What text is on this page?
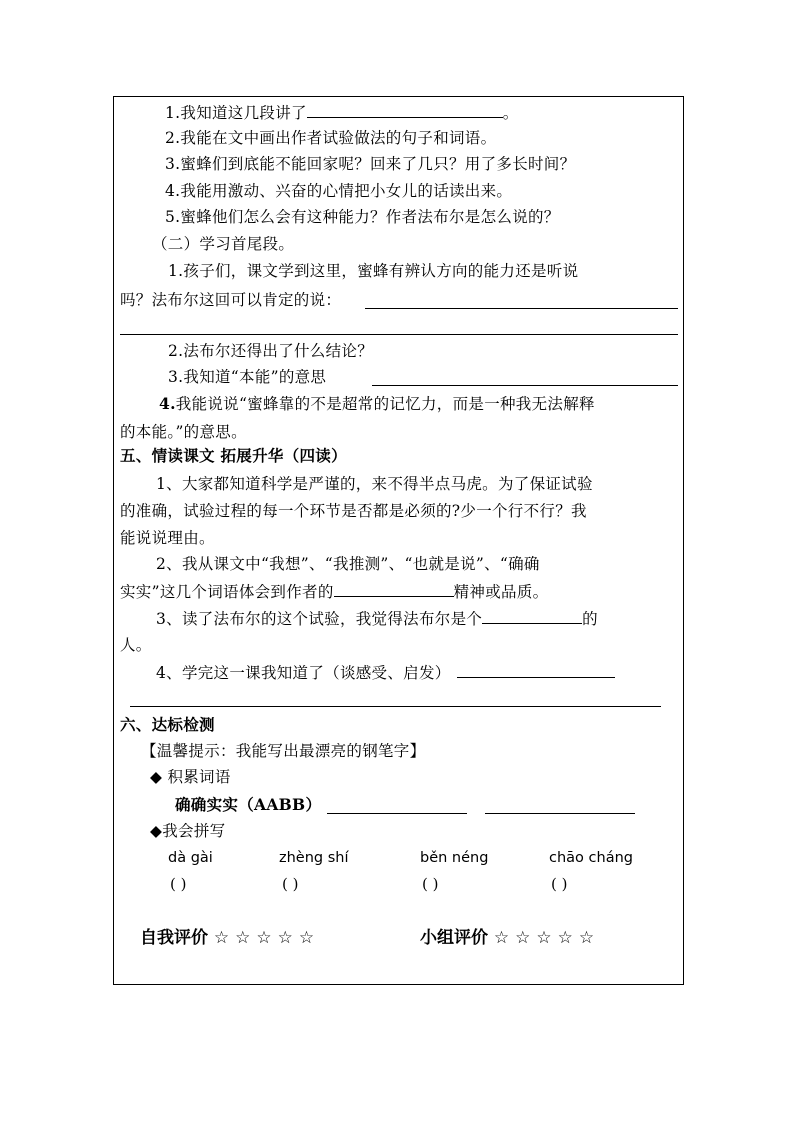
1.我知道这几段讲了	。
2.我能在文中画出作者试验做法的句子和词语。
3.蜜蜂们到底能不能回家呢？回来了几只？用了多长时间？
4.我能用激动、兴奋的心情把小女儿的话读出来。
5.蜜蜂他们怎么会有这种能力？作者法布尔是怎么说的？
（二）学习首尾段。
1.孩子们，课文学到这里，蜜蜂有辨认方向的能力还是听说
吗？法布尔这回可以肯定的说：
2.法布尔还得出了什么结论？
3.我知道“本能”的意思
4.我能说说“蜜蜂靠的不是超常的记忆力，而是一种我无法解释
的本能。”的意思。
五、情读课文 拓展升华（四读）
1、大家都知道科学是严谨的，来不得半点马虎。为了保证试验
的准确，试验过程的每一个环节是否都是必须的?少一个行不行？我
能说说理由。
2、我从课文中“我想”、“我推测”、“也就是说”、“确确
实实”这几个词语体会到作者的	精神或品质。
3、读了法布尔的这个试验，我觉得法布尔是个	的
人。
4、学完这一课我知道了（谈感受、启发）
六、达标检测
【温馨提示：我能写出最漂亮的钢笔字】
◆ 积累词语
确确实实（AABB）
◆我会拼写
dà gài	zhèng shí	běn néng	chāo cháng
( )	( )	( )	( )
自我评价 ☆☆☆☆☆	小组评价 ☆☆☆☆☆
